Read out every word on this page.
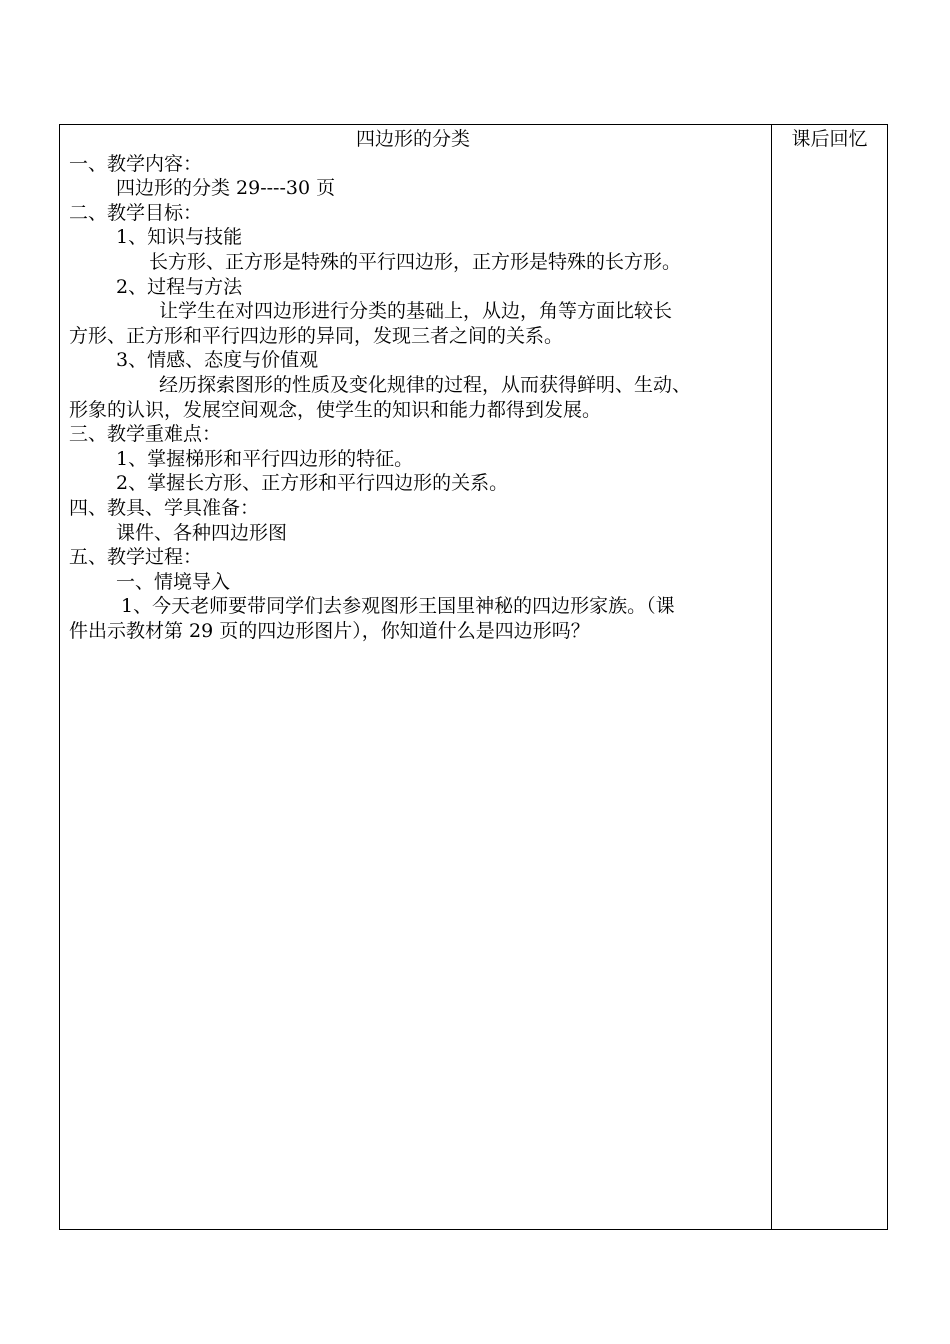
四边形的分类

一、教学内容：

四边形的分类 29----30 页

二、教学目标：

1、知识与技能

长方形、正方形是特殊的平行四边形，正方形是特殊的长方形。

2、过程与方法

让学生在对四边形进行分类的基础上，从边，角等方面比较长

方形、正方形和平行四边形的异同，发现三者之间的关系。

3、情感、态度与价值观

经历探索图形的性质及变化规律的过程，从而获得鲜明、生动、

形象的认识，发展空间观念，使学生的知识和能力都得到发展。

三、教学重难点：

1、掌握梯形和平行四边形的特征。

2、掌握长方形、正方形和平行四边形的关系。

四、教具、学具准备：

课件、各种四边形图

五、教学过程：

一、情境导入

1、今天老师要带同学们去参观图形王国里神秘的四边形家族。（课

件出示教材第 29 页的四边形图片），你知道什么是四边形吗？

课后回忆
